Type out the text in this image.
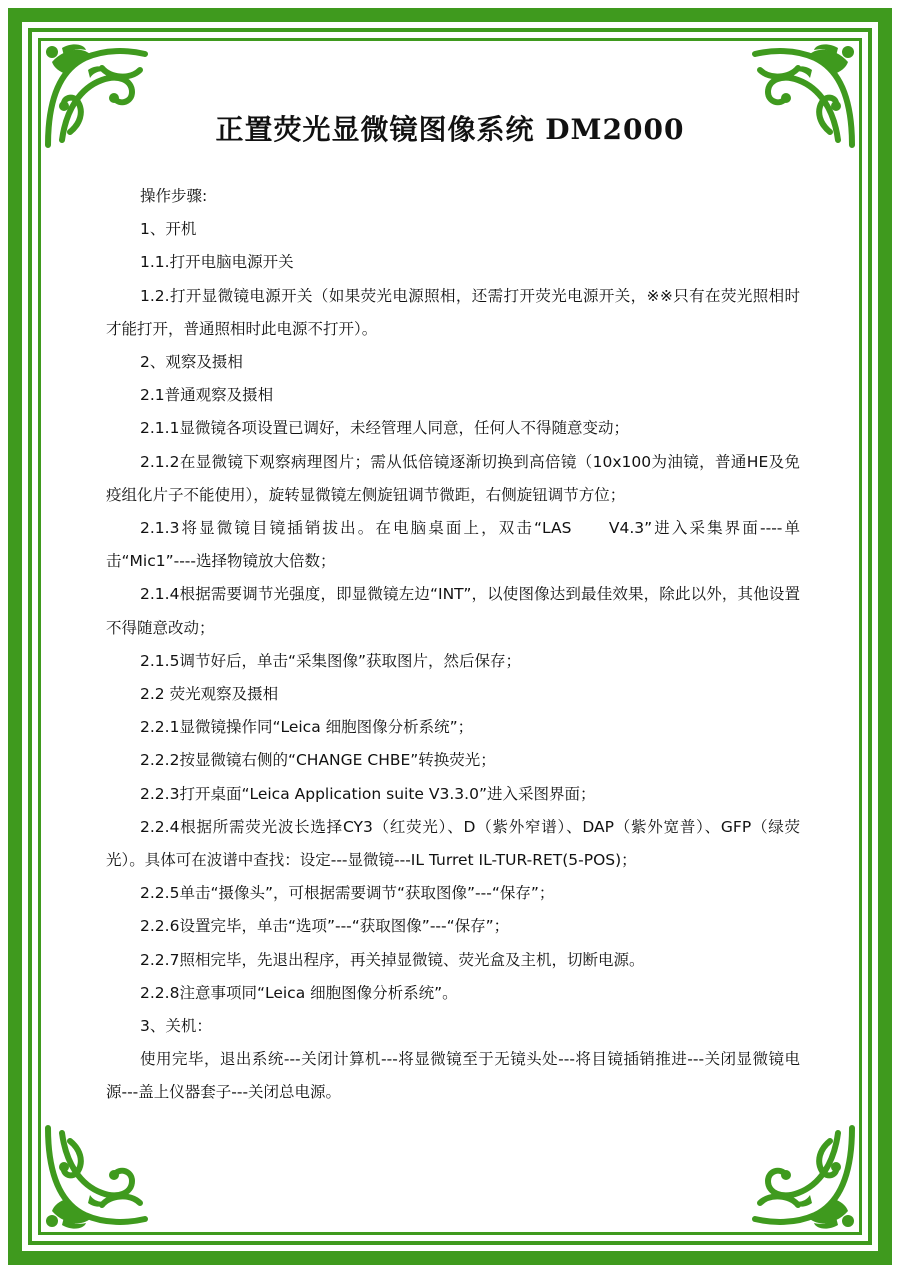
正置荧光显微镜图像系统 DM2000

操作步骤:

1、开机

1.1.打开电脑电源开关

1.2.打开显微镜电源开关（如果荧光电源照相，还需打开荧光电源开关，※※只有在荧光照相时才能打开，普通照相时此电源不打开）。

2、观察及摄相

2.1普通观察及摄相

2.1.1显微镜各项设置已调好，未经管理人同意，任何人不得随意变动；

2.1.2在显微镜下观察病理图片；需从低倍镜逐渐切换到高倍镜（10x100为油镜，普通HE及免疫组化片子不能使用），旋转显微镜左侧旋钮调节微距，右侧旋钮调节方位；

2.1.3将显微镜目镜插销拔出。在电脑桌面上，双击“LAS　　V4.3”进入采集界面----单击“Mic1”----选择物镜放大倍数；

2.1.4根据需要调节光强度，即显微镜左边“INT”，以使图像达到最佳效果，除此以外，其他设置不得随意改动；

2.1.5调节好后，单击“采集图像”获取图片，然后保存；

2.2 荧光观察及摄相

2.2.1显微镜操作同“Leica 细胞图像分析系统”；

2.2.2按显微镜右侧的“CHANGE CHBE”转换荧光；

2.2.3打开桌面“Leica Application suite V3.3.0”进入采图界面；

2.2.4根据所需荧光波长选择CY3（红荧光）、D（紫外窄谱）、DAP（紫外宽普）、GFP（绿荧光）。具体可在波谱中查找：设定---显微镜---IL Turret IL-TUR-RET(5-POS)；

2.2.5单击“摄像头”，可根据需要调节“获取图像”---“保存”；

2.2.6设置完毕，单击“选项”---“获取图像”---“保存”；

2.2.7照相完毕，先退出程序，再关掉显微镜、荧光盒及主机，切断电源。

2.2.8注意事项同“Leica 细胞图像分析系统”。

3、关机：

使用完毕，退出系统---关闭计算机---将显微镜至于无镜头处---将目镜插销推进---关闭显微镜电源---盖上仪器套子---关闭总电源。
